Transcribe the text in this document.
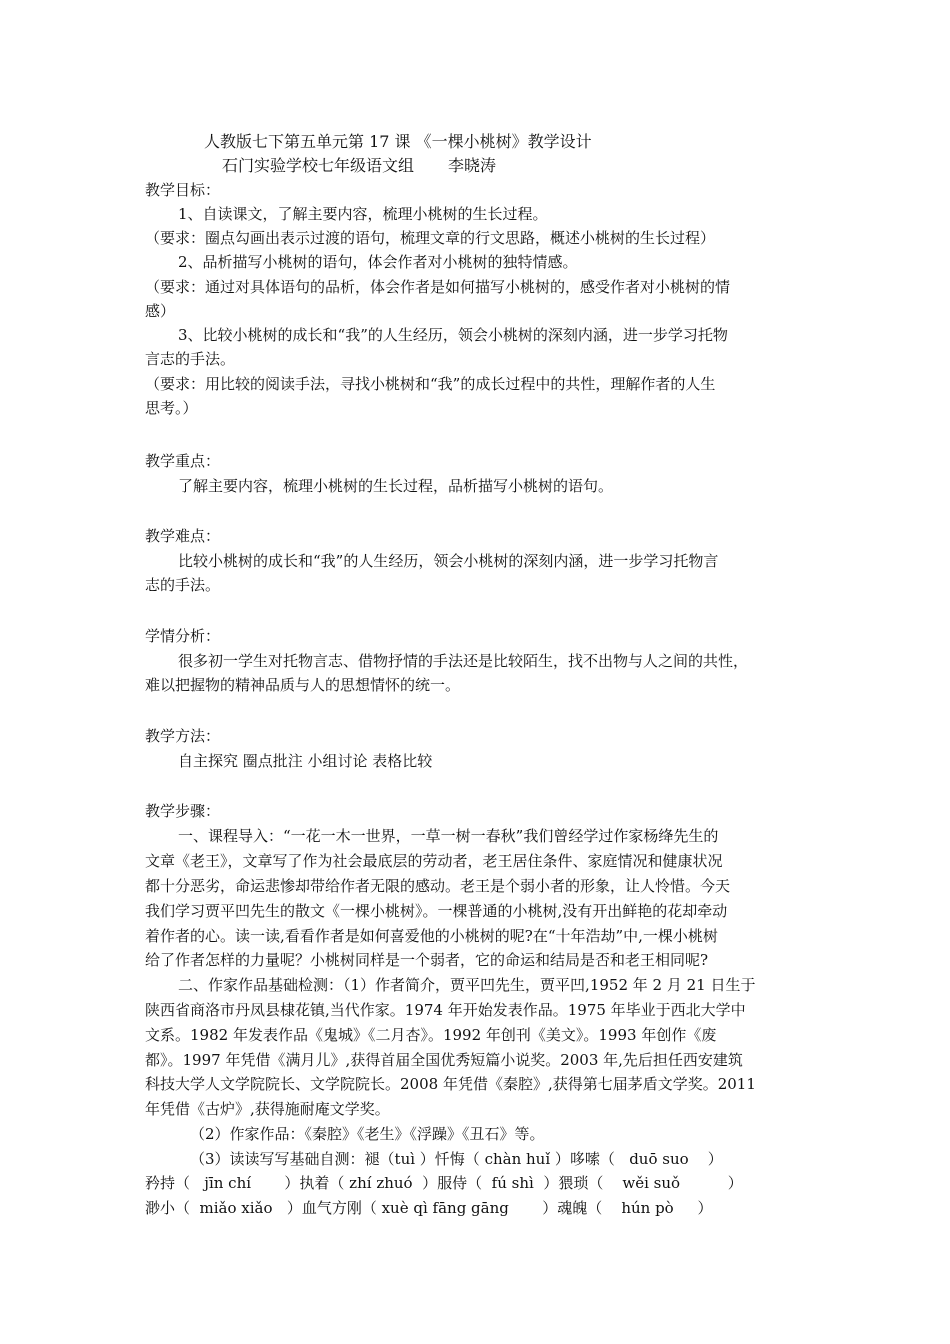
人教版七下第五单元第 17 课 《一棵小桃树》教学设计
石门实验学校七年级语文组 李晓涛
教学目标：
1、自读课文，了解主要内容，梳理小桃树的生长过程。
（要求：圈点勾画出表示过渡的语句，梳理文章的行文思路，概述小桃树的生长过程）
2、品析描写小桃树的语句，体会作者对小桃树的独特情感。
（要求：通过对具体语句的品析，体会作者是如何描写小桃树的，感受作者对小桃树的情
感）
3、比较小桃树的成长和“我”的人生经历，领会小桃树的深刻内涵，进一步学习托物
言志的手法。
（要求：用比较的阅读手法，寻找小桃树和“我”的成长过程中的共性，理解作者的人生
思考。）
教学重点：
了解主要内容，梳理小桃树的生长过程，品析描写小桃树的语句。
教学难点：
比较小桃树的成长和“我”的人生经历，领会小桃树的深刻内涵，进一步学习托物言
志的手法。
学情分析：
很多初一学生对托物言志、借物抒情的手法还是比较陌生，找不出物与人之间的共性，
难以把握物的精神品质与人的思想情怀的统一。
教学方法：
自主探究 圈点批注 小组讨论 表格比较
教学步骤：
一、课程导入：“一花一木一世界，一草一树一春秋”我们曾经学过作家杨绛先生的
文章《老王》，文章写了作为社会最底层的劳动者，老王居住条件、家庭情况和健康状况
都十分恶劣，命运悲惨却带给作者无限的感动。老王是个弱小者的形象，让人怜惜。今天
我们学习贾平凹先生的散文《一棵小桃树》。一棵普通的小桃树,没有开出鲜艳的花却牵动
着作者的心。读一读,看看作者是如何喜爱他的小桃树的呢?在“十年浩劫”中,一棵小桃树
给了作者怎样的力量呢？小桃树同样是一个弱者，它的命运和结局是否和老王相同呢?
二、作家作品基础检测：（1）作者简介，贾平凹先生，贾平凹,1952 年 2 月 21 日生于
陕西省商洛市丹凤县棣花镇,当代作家。1974 年开始发表作品。1975 年毕业于西北大学中
文系。1982 年发表作品《鬼城》《二月杏》。1992 年创刊《美文》。1993 年创作《废
都》。1997 年凭借《满月儿》,获得首届全国优秀短篇小说奖。2003 年,先后担任西安建筑
科技大学人文学院院长、文学院院长。2008 年凭借《秦腔》,获得第七届茅盾文学奖。2011
年凭借《古炉》,获得施耐庵文学奖。
（2）作家作品：《秦腔》《老生》《浮躁》《丑石》等。
（3）读读写写基础自测：褪（tuì ）忏悔（ chàn huǐ ）哆嗦（   duō suo    ）
矜持（   jīn chí       ）执着（ zhí zhuó  ）服侍（  fú shì  ）猥琐（    wěi suǒ          ）
渺小（  miǎo xiǎo   ）血气方刚（ xuè qì fāng gāng       ）魂魄（    hún pò     ）
